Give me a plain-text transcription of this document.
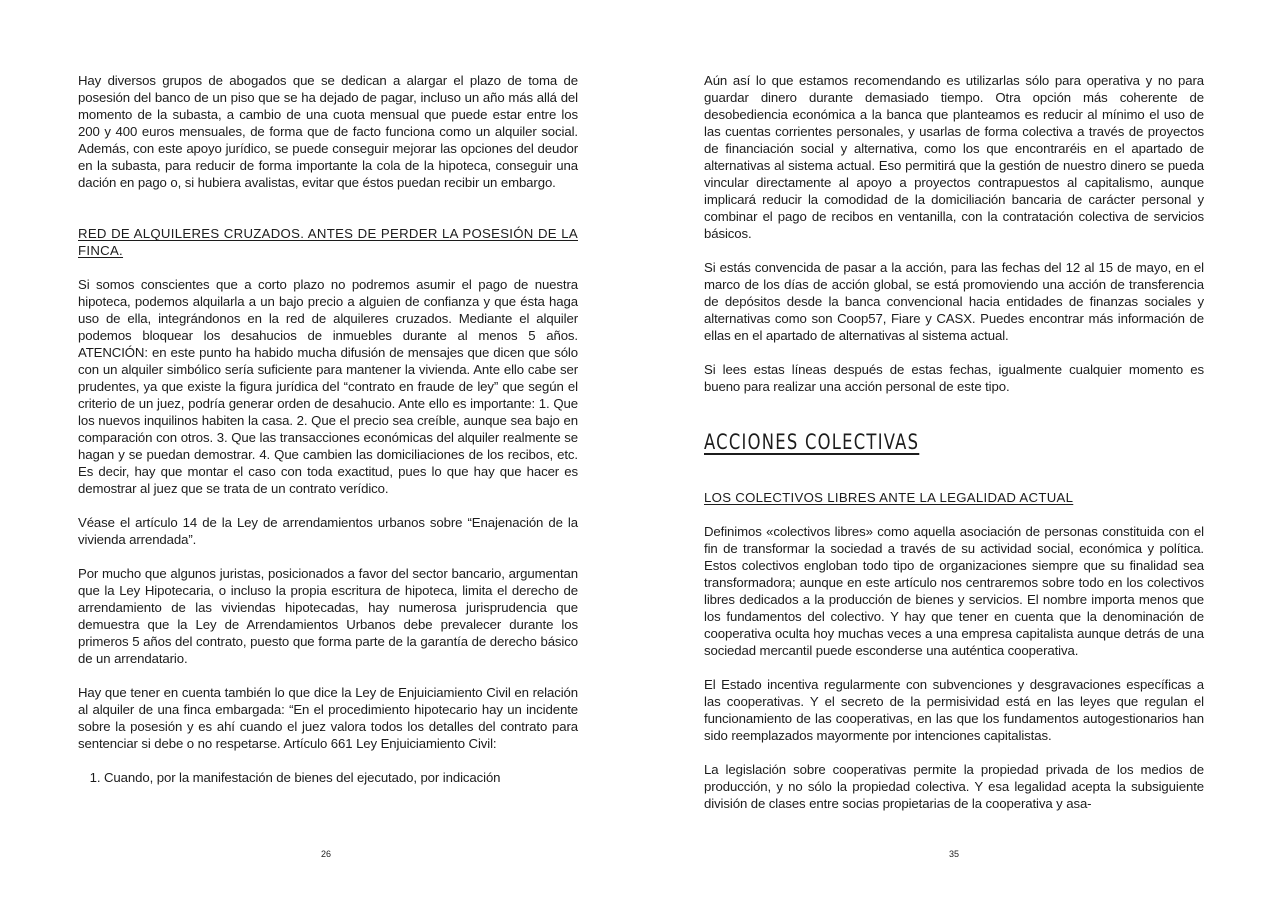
Hay diversos grupos de abogados que se dedican a alargar el plazo de toma de posesión del banco de un piso que se ha dejado de pagar, incluso un año más allá del momento de la subasta, a cambio de una cuota mensual que puede estar entre los 200 y 400 euros mensuales, de forma que de facto funciona como un alquiler social. Además, con este apoyo jurídico, se puede conseguir mejorar las opciones del deudor en la subasta, para reducir de forma importante la cola de la hipoteca, conseguir una dación en pago o, si hubiera avalistas, evitar que éstos puedan recibir un embargo.

RED DE ALQUILERES CRUZADOS. ANTES DE PERDER LA POSESIÓN DE LA FINCA.

Si somos conscientes que a corto plazo no podremos asumir el pago de nuestra hipoteca, podemos alquilarla a un bajo precio a alguien de confianza y que ésta haga uso de ella, integrándonos en la red de alquileres cruzados. Mediante el alquiler podemos bloquear los desahucios de inmuebles durante al menos 5 años. ATENCIÓN: en este punto ha habido mucha difusión de mensajes que dicen que sólo con un alquiler simbólico sería suficiente para mantener la vivienda. Ante ello cabe ser prudentes, ya que existe la figura jurídica del “contrato en fraude de ley” que según el criterio de un juez, podría generar orden de desahucio. Ante ello es importante: 1. Que los nuevos inquilinos habiten la casa. 2. Que el precio sea creíble, aunque sea bajo en comparación con otros. 3. Que las transacciones económicas del alquiler realmente se hagan y se puedan demostrar. 4. Que cambien las domiciliaciones de los recibos, etc. Es decir, hay que montar el caso con toda exactitud, pues lo que hay que hacer es demostrar al juez que se trata de un contrato verídico.

Véase el artículo 14 de la Ley de arrendamientos urbanos sobre “Enajenación de la vivienda arrendada”.

Por mucho que algunos juristas, posicionados a favor del sector bancario, argumentan que la Ley Hipotecaria, o incluso la propia escritura de hipoteca, limita el derecho de arrendamiento de las viviendas hipotecadas, hay numerosa jurisprudencia que demuestra que la Ley de Arrendamientos Urbanos debe prevalecer durante los primeros 5 años del contrato, puesto que forma parte de la garantía de derecho básico de un arrendatario.

Hay que tener en cuenta también lo que dice la Ley de Enjuiciamiento Civil en relación al alquiler de una finca embargada: “En el procedimiento hipotecario hay un incidente sobre la posesión y es ahí cuando el juez valora todos los detalles del contrato para sentenciar si debe o no respetarse. Artículo 661 Ley Enjuiciamiento Civil:

1. Cuando, por la manifestación de bienes del ejecutado, por indicación
26

Aún así lo que estamos recomendando es utilizarlas sólo para operativa y no para guardar dinero durante demasiado tiempo. Otra opción más coherente de desobediencia económica a la banca que planteamos es reducir al mínimo el uso de las cuentas corrientes personales, y usarlas de forma colectiva a través de proyectos de financiación social y alternativa, como los que encontraréis en el apartado de alternativas al sistema actual. Eso permitirá que la gestión de nuestro dinero se pueda vincular directamente al apoyo a proyectos contrapuestos al capitalismo, aunque implicará reducir la comodidad de la domiciliación bancaria de carácter personal y combinar el pago de recibos en ventanilla, con la contratación colectiva de servicios básicos.

Si estás convencida de pasar a la acción, para las fechas del 12 al 15 de mayo, en el marco de los días de acción global, se está promoviendo una acción de transferencia de depósitos desde la banca convencional hacia entidades de finanzas sociales y alternativas como son Coop57, Fiare y CASX. Puedes encontrar más información de ellas en el apartado de alternativas al sistema actual.

Si lees estas líneas después de estas fechas, igualmente cualquier momento es bueno para realizar una acción personal de este tipo.

ACCIONES COLECTIVAS

LOS COLECTIVOS LIBRES ANTE LA LEGALIDAD ACTUAL

Definimos «colectivos libres» como aquella asociación de personas constituida con el fin de transformar la sociedad a través de su actividad social, económica y política. Estos colectivos engloban todo tipo de organizaciones siempre que su finalidad sea transformadora; aunque en este artículo nos centraremos sobre todo en los colectivos libres dedicados a la producción de bienes y servicios. El nombre importa menos que los fundamentos del colectivo. Y hay que tener en cuenta que la denominación de cooperativa oculta hoy muchas veces a una empresa capitalista aunque detrás de una sociedad mercantil puede esconderse una auténtica cooperativa.

El Estado incentiva regularmente con subvenciones y desgravaciones específicas a las cooperativas. Y el secreto de la permisividad está en las leyes que regulan el funcionamiento de las cooperativas, en las que los fundamentos autogestionarios han sido reemplazados mayormente por intenciones capitalistas.

La legislación sobre cooperativas permite la propiedad privada de los medios de producción, y no sólo la propiedad colectiva. Y esa legalidad acepta la subsiguiente división de clases entre socias propietarias de la cooperativa y asa-

35
